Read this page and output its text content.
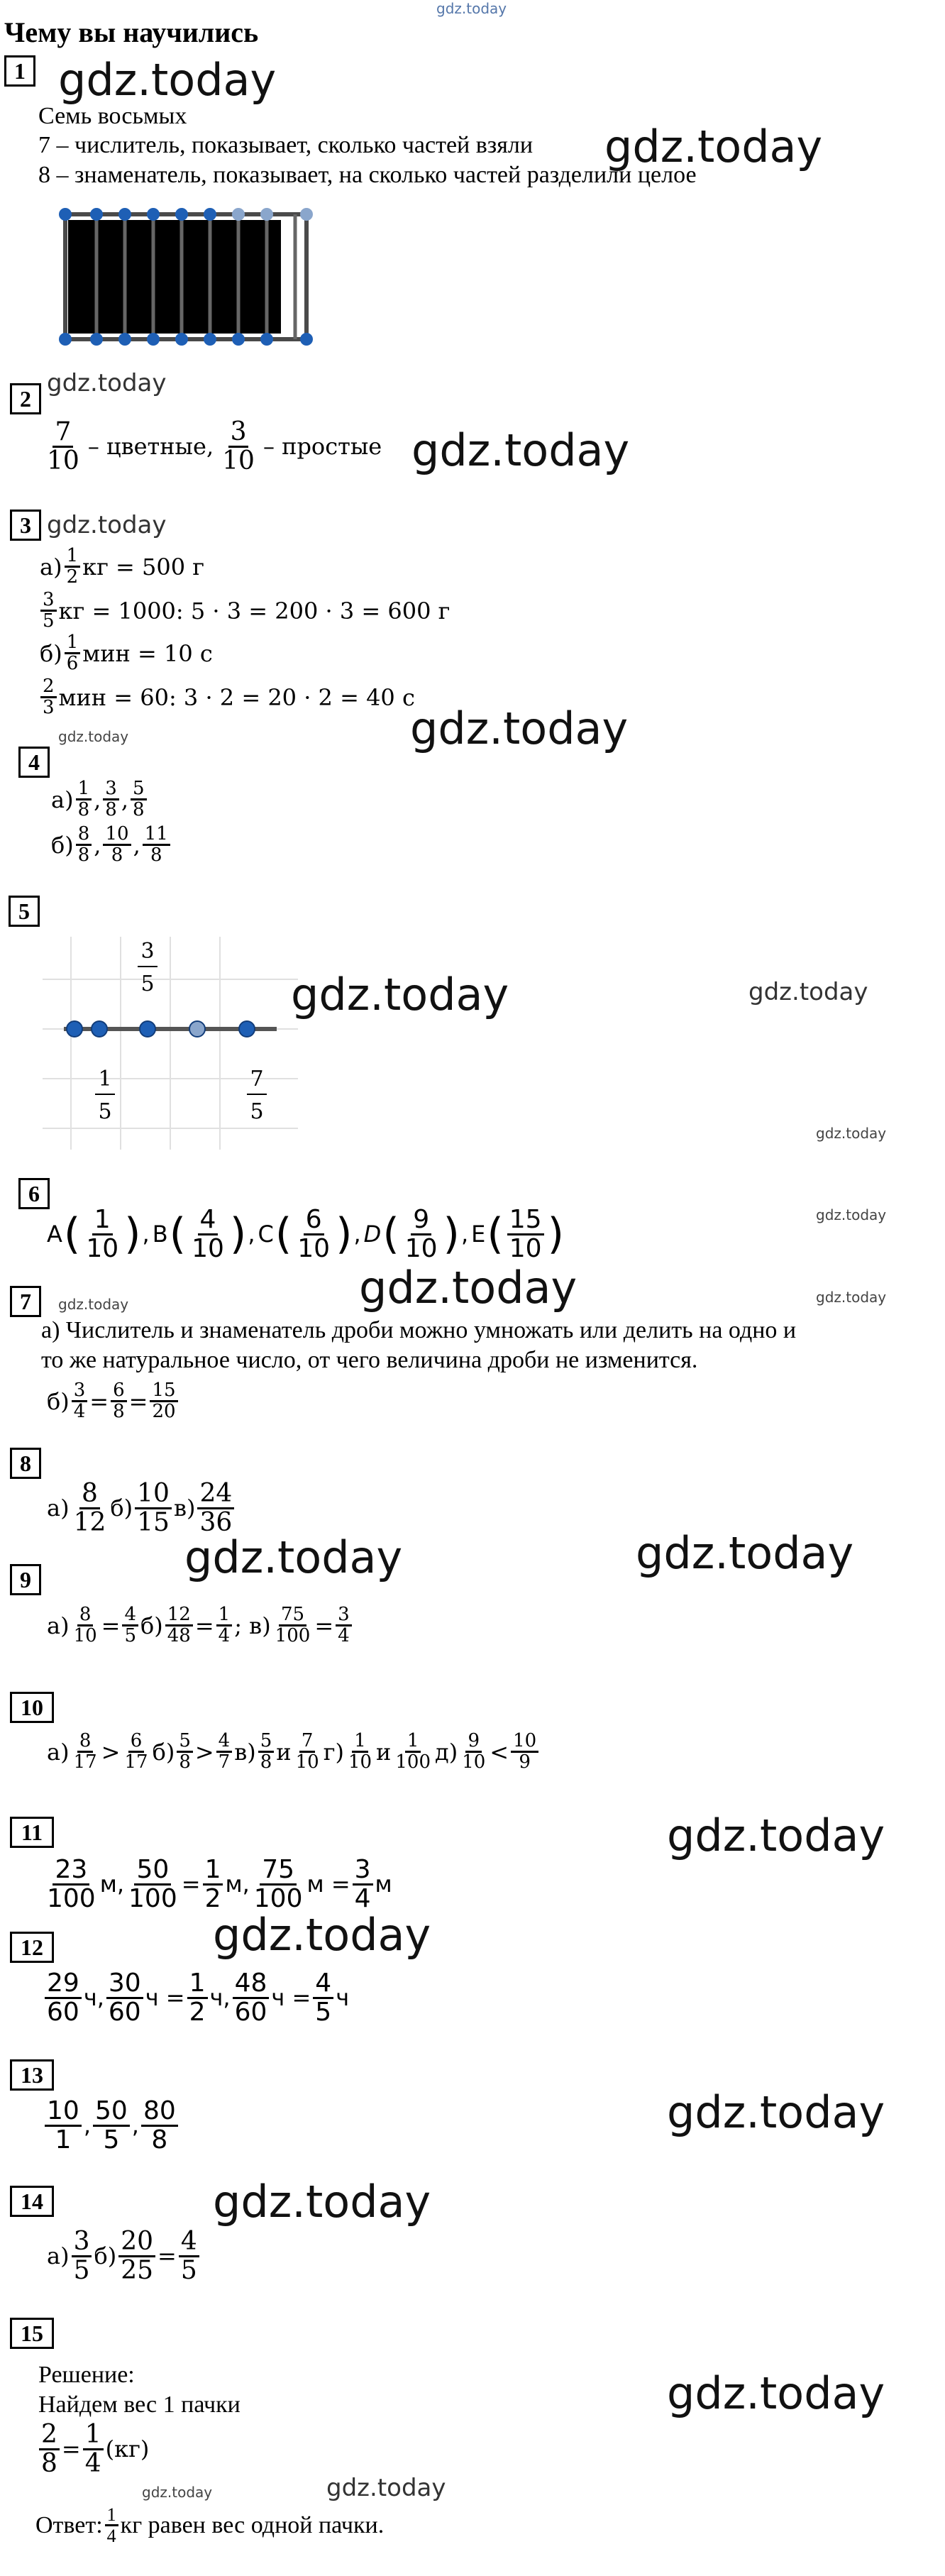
gdz.today
Чему вы научились
1 gdz.today
Семь восьмых
7 – числитель, показывает, сколько частей взяли gdz.today
8 – знаменатель, показывает, на сколько частей разделили целое
2
gdz.today
$\frac{7}{10}$ – цветные, $\frac{3}{10}$ – простые gdz.today
3 gdz.today
$а) \frac{1}{2}$ кг = 500 г
$\frac{3}{5}$ кг = 1000: 5 · 3 = 200 · 3 = 600 г
$б) \frac{1}{6}$ мин = 10 с
$\frac{2}{3}$ мин = 60: 3 · 2 = 20 · 2 = 40 с
gdz.today
4
gdz.today
$а) \frac{1}{8}$ , $\frac{3}{8}$ , $\frac{5}{8}$
$б) \frac{8}{8}$ , $\frac{10}{8}$ , $\frac{11}{8}$
5
3
5
1
5
7
5
gdz.today	gdz.today
gdz.today
6
A ( $\frac{1}{10}$ ) , B ( $\frac{4}{10}$ ) , C ( $\frac{6}{10}$ ) , D ( $\frac{9}{10}$ ) , E ( $\frac{15}{10}$ )	gdz.today
gdz.today
7	gdz.today	gdz.today
а) Числитель и знаменатель дроби можно умножать или делить на одно и
то же натуральное число, от чего величина дроби не изменится.
$б) \frac{3}{4} = \frac{6}{8} = \frac{15}{20}$
8
$а) \frac{8}{12} б) \frac{10}{15} в) \frac{24}{36}$
gdz.today	gdz.today
9
$а) \frac{8}{10} = \frac{4}{5} б) \frac{12}{48} = \frac{1}{4}$ ; $в) \frac{75}{100} = \frac{3}{4}$
10
$а) \frac{8}{17} > \frac{6}{17} б) \frac{5}{8} > \frac{4}{7} в) \frac{5}{8}$ и $\frac{7}{10} г) \frac{1}{10}$ и $\frac{1}{100} д) \frac{9}{10} < \frac{10}{9}$
11	gdz.today
$\frac{23}{100} м$, $\frac{50}{100} = \frac{1}{2} м$, $\frac{75}{100}$ $м = \frac{3}{4}$ м
gdz.today
12
$\frac{29}{60} ч$, $\frac{30}{60}$ $ч = \frac{1}{2} ч$, $\frac{48}{60}$ $ч = \frac{4}{5}$ ч
13
gdz.today
$\frac{10}{1}$ , $\frac{50}{5}$ , $\frac{80}{8}$
14	gdz.today
$а) \frac{3}{5} б) \frac{20}{25} = \frac{4}{5}$
15
Решение:	gdz.today
Найдем вес 1 пачки
$\frac{2}{8} = \frac{1}{4} (кг)$
gdz.today	gdz.today
Ответ: $\frac{1}{4}$ кг равен вес одной пачки.
